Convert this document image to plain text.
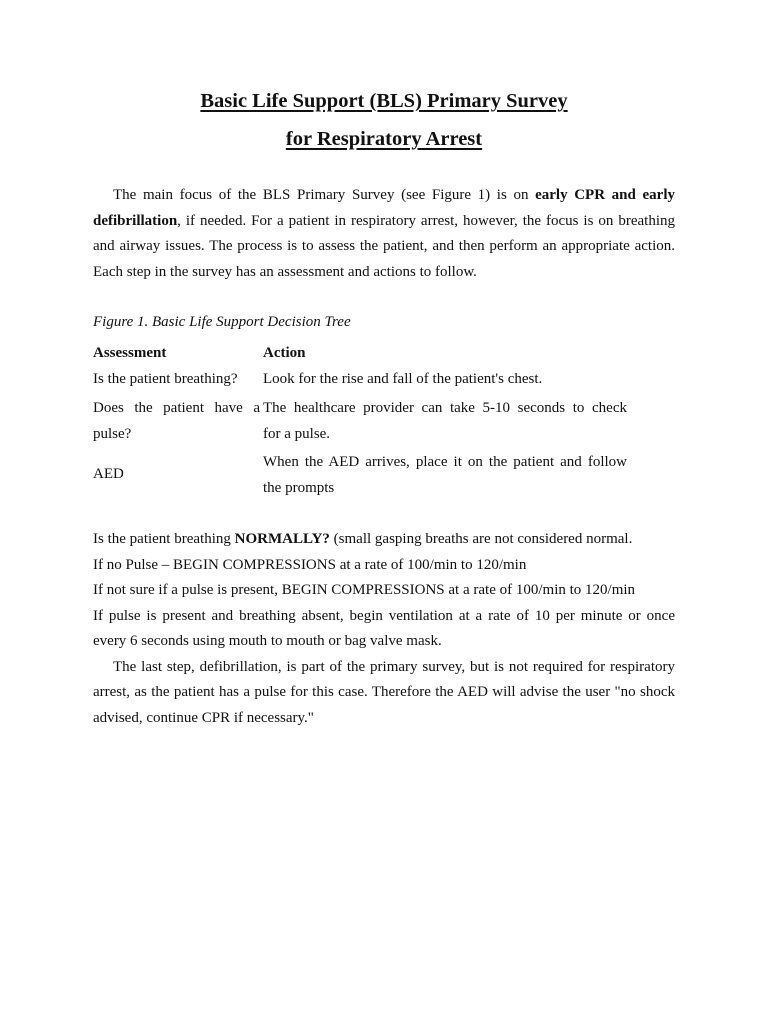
Basic Life Support (BLS) Primary Survey
for Respiratory Arrest

The main focus of the BLS Primary Survey (see Figure 1) is on early CPR and early defibrillation, if needed. For a patient in respiratory arrest, however, the focus is on breathing and airway issues. The process is to assess the patient, and then perform an appropriate action. Each step in the survey has an assessment and actions to follow.

Figure 1. Basic Life Support Decision Tree

Assessment	Action
Is the patient breathing?	Look for the rise and fall of the patient's chest.
Does the patient have a
pulse?
The healthcare provider can take 5-10 seconds to check
for a pulse.
AED
When the AED arrives, place it on the patient and follow
the prompts
Is the patient breathing NORMALLY? (small gasping breaths are not considered normal.
If no Pulse – BEGIN COMPRESSIONS at a rate of 100/min to 120/min
If not sure if a pulse is present, BEGIN COMPRESSIONS at a rate of 100/min to 120/min
If pulse is present and breathing absent, begin ventilation at a rate of 10 per minute or once every 6 seconds using mouth to mouth or bag valve mask.
The last step, defibrillation, is part of the primary survey, but is not required for respiratory arrest, as the patient has a pulse for this case. Therefore the AED will advise the user "no shock advised, continue CPR if necessary."
